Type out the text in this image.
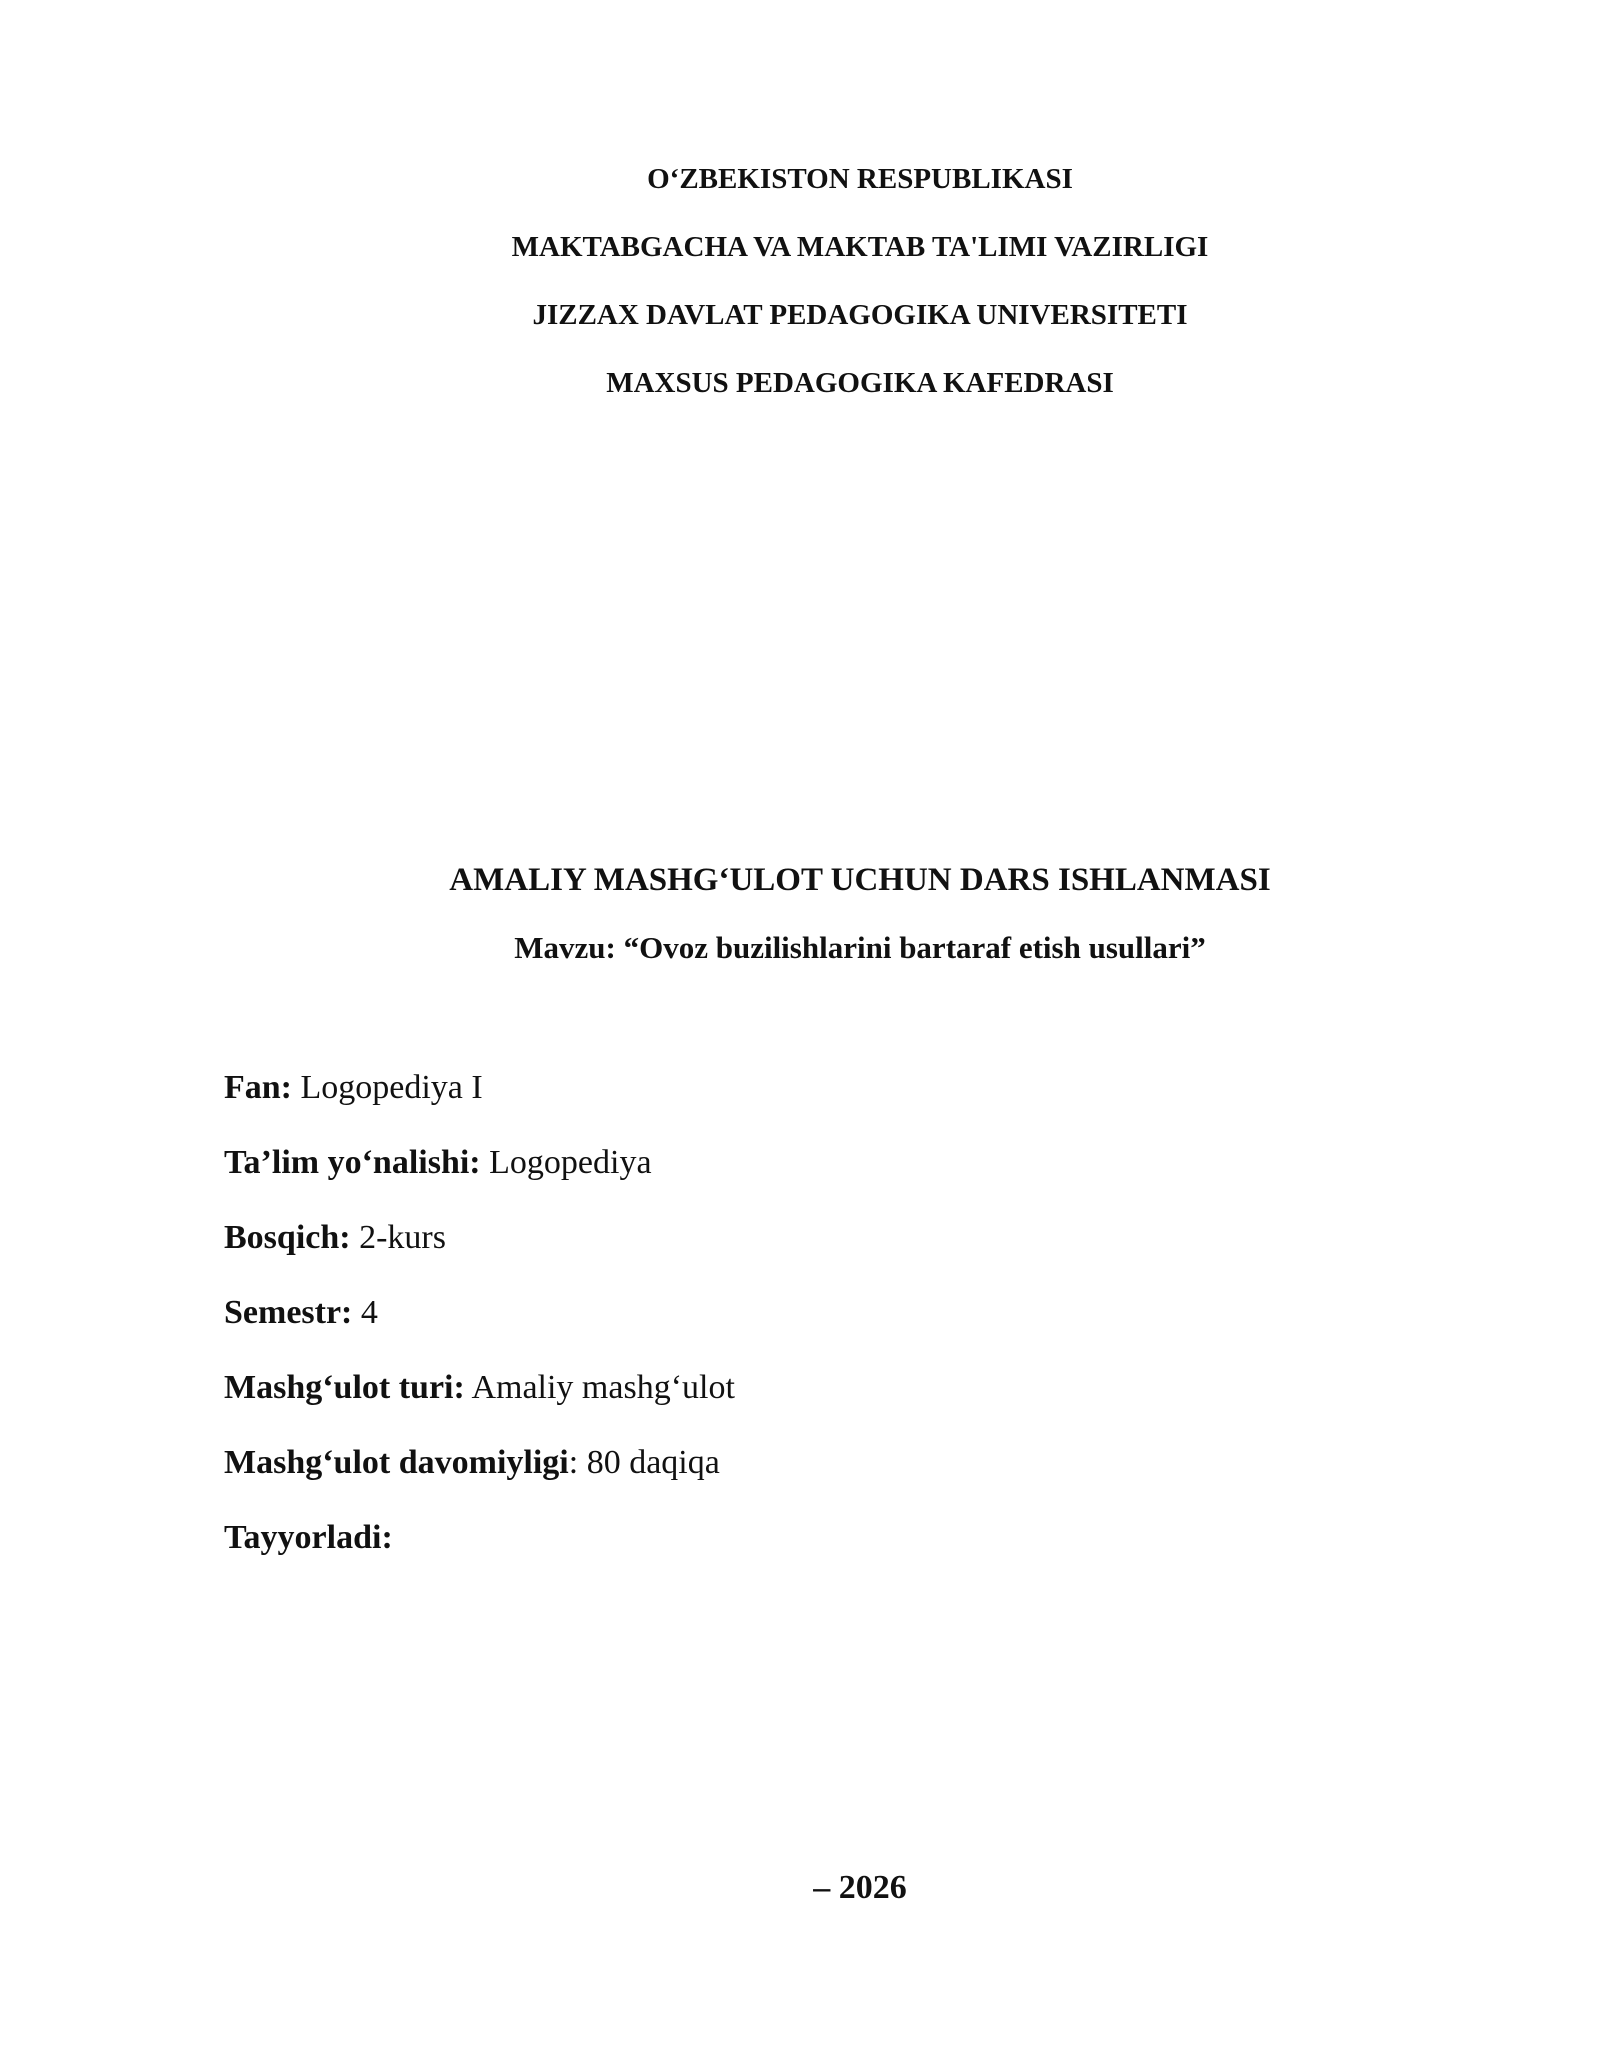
O‘ZBEKISTON RESPUBLIKASI
MAKTABGACHA VA MAKTAB TA'LIMI VAZIRLIGI
JIZZAX DAVLAT PEDAGOGIKA UNIVERSITETI
MAXSUS PEDAGOGIKA KAFEDRASI
AMALIY MASHG‘ULOT UCHUN DARS ISHLANMASI
Mavzu: “Ovoz buzilishlarini bartaraf etish usullari”
Fan: Logopediya I
Ta’lim yo‘nalishi: Logopediya
Bosqich: 2-kurs
Semestr: 4
Mashg‘ulot turi: Amaliy mashg‘ulot
Mashg‘ulot davomiyligi: 80 daqiqa
Tayyorladi:
– 2026
